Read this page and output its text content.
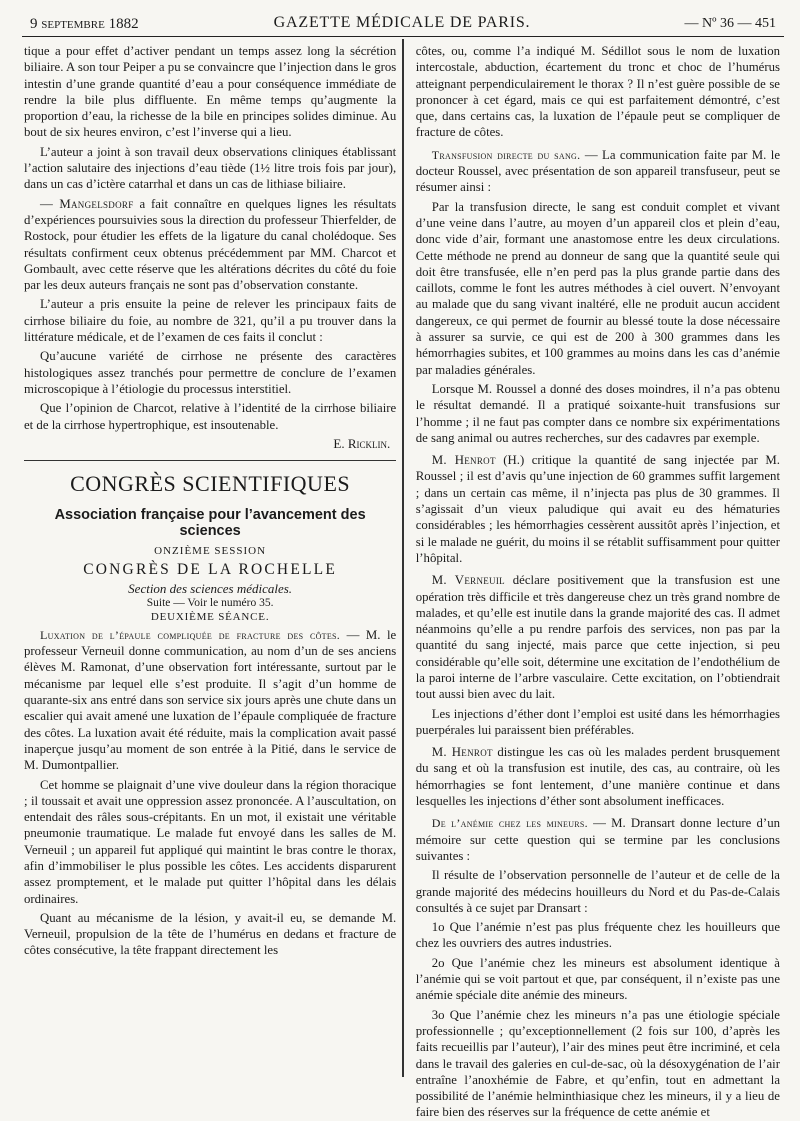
9 septembre 1882	GAZETTE MÉDICALE DE PARIS.	— Nº 36 — 451

tique a pour effet d’activer pendant un temps assez long la sécrétion biliaire. A son tour Peiper a pu se convaincre que l’injection dans le gros intestin d’une grande quantité d’eau a pour conséquence immédiate de rendre la bile plus diffluente. En même temps qu’augmente la proportion d’eau, la richesse de la bile en principes solides diminue. Au bout de six heures environ, c’est l’inverse qui a lieu.

L’auteur a joint à son travail deux observations cliniques établissant l’action salutaire des injections d’eau tiède (1½ litre trois fois par jour), dans un cas d’ictère catarrhal et dans un cas de lithiase biliaire.

— Mangelsdorf a fait connaître en quelques lignes les résultats d’expériences poursuivies sous la direction du professeur Thierfelder, de Rostock, pour étudier les effets de la ligature du canal cholédoque. Ses résultats confirment ceux obtenus précédemment par MM. Charcot et Gombault, avec cette réserve que les altérations décrites du côté du foie par les deux auteurs français ne sont pas d’observation constante.

L’auteur a pris ensuite la peine de relever les principaux faits de cirrhose biliaire du foie, au nombre de 321, qu’il a pu trouver dans la littérature médicale, et de l’examen de ces faits il conclut :

Qu’aucune variété de cirrhose ne présente des caractères histologiques assez tranchés pour permettre de conclure de l’examen microscopique à l’étiologie du processus interstitiel.

Que l’opinion de Charcot, relative à l’identité de la cirrhose biliaire et de la cirrhose hypertrophique, est insoutenable.

E. Ricklin.
CONGRÈS SCIENTIFIQUES
Association française pour l’avancement des sciences
ONZIÈME SESSION
CONGRÈS DE LA ROCHELLE
Section des sciences médicales.
Suite — Voir le numéro 35.
DEUXIÈME SÉANCE.

Luxation de l’épaule compliquée de fracture des côtes. — M. le professeur Verneuil donne communication, au nom d’un de ses anciens élèves M. Ramonat, d’une observation fort intéressante, surtout par le mécanisme par lequel elle s’est produite. Il s’agit d’un homme de quarante-six ans entré dans son service six jours après une chute dans un escalier qui avait amené une luxation de l’épaule compliquée de fracture des côtes. La luxation avait été réduite, mais la complication avait passé inaperçue jusqu’au moment de son entrée à la Pitié, dans le service de M. Dumontpallier.

Cet homme se plaignait d’une vive douleur dans la région thoracique ; il toussait et avait une oppression assez prononcée. A l’auscultation, on entendait des râles sous-crépitants. En un mot, il existait une véritable pneumonie traumatique. Le malade fut envoyé dans les salles de M. Verneuil ; un appareil fut appliqué qui maintint le bras contre le thorax, afin d’immobiliser le plus possible les côtes. Les accidents disparurent assez promptement, et le malade put quitter l’hôpital dans les délais ordinaires.

Quant au mécanisme de la lésion, y avait-il eu, se demande M. Verneuil, propulsion de la tête de l’humérus en dedans et fracture de côtes consécutive, la tête frappant directement les

côtes, ou, comme l’a indiqué M. Sédillot sous le nom de luxation intercostale, abduction, écartement du tronc et choc de l’humérus atteignant perpendiculairement le thorax ? Il n’est guère possible de se prononcer à cet égard, mais ce qui est parfaitement démontré, c’est que, dans certains cas, la luxation de l’épaule peut se compliquer de fracture de côtes.

Transfusion directe du sang. — La communication faite par M. le docteur Roussel, avec présentation de son appareil transfuseur, peut se résumer ainsi :

Par la transfusion directe, le sang est conduit complet et vivant d’une veine dans l’autre, au moyen d’un appareil clos et plein d’eau, donc vide d’air, formant une anastomose entre les deux circulations. Cette méthode ne prend au donneur de sang que la quantité seule qui doit être transfusée, elle n’en perd pas la plus grande partie dans des caillots, comme le font les autres méthodes à ciel ouvert. N’envoyant au malade que du sang vivant inaltéré, elle ne produit aucun accident dangereux, ce qui permet de fournir au blessé toute la dose nécessaire à assurer sa survie, ce qui est de 200 à 300 grammes dans les hémorrhagies subites, et 100 grammes au moins dans les cas d’anémie par maladies générales.

Lorsque M. Roussel a donné des doses moindres, il n’a pas obtenu le résultat demandé. Il a pratiqué soixante-huit transfusions sur l’homme ; il ne faut pas compter dans ce nombre six expérimentations de sang animal ou autres recherches, sur des cadavres par exemple.

M. Henrot (H.) critique la quantité de sang injectée par M. Roussel ; il est d’avis qu’une injection de 60 grammes suffit largement ; dans un certain cas même, il n’injecta pas plus de 30 grammes. Il s’agissait d’un vieux paludique qui avait eu des hématuries considérables ; les hémorrhagies cessèrent aussitôt après l’injection, et si le malade ne guérit, du moins il se rétablit suffisamment pour quitter l’hôpital.

M. Verneuil déclare positivement que la transfusion est une opération très difficile et très dangereuse chez un très grand nombre de malades, et qu’elle est inutile dans la grande majorité des cas. Il admet néanmoins qu’elle a pu rendre parfois des services, non pas par la quantité du sang injecté, mais parce que cette injection, si peu considérable qu’elle soit, détermine une excitation de l’endothélium de la paroi interne de l’arbre vasculaire. Cette excitation, on l’obtiendrait tout aussi bien avec du lait.

Les injections d’éther dont l’emploi est usité dans les hémorrhagies puerpérales lui paraissent bien préférables.

M. Henrot distingue les cas où les malades perdent brusquement du sang et où la transfusion est inutile, des cas, au contraire, où les hémorrhagies se font lentement, d’une manière continue et dans lesquelles les injections d’éther sont absolument inefficaces.

De l’anémie chez les mineurs. — M. Dransart donne lecture d’un mémoire sur cette question qui se termine par les conclusions suivantes :

Il résulte de l’observation personnelle de l’auteur et de celle de la grande majorité des médecins houilleurs du Nord et du Pas-de-Calais consultés à ce sujet par Dransart :

1o Que l’anémie n’est pas plus fréquente chez les houilleurs que chez les ouvriers des autres industries.

2o Que l’anémie chez les mineurs est absolument identique à l’anémie qui se voit partout et que, par conséquent, il n’existe pas une anémie spéciale dite anémie des mineurs.

3o Que l’anémie chez les mineurs n’a pas une étiologie spéciale professionnelle ; qu’exceptionnellement (2 fois sur 100, d’après les faits recueillis par l’auteur), l’air des mines peut être incriminé, et cela dans le travail des galeries en cul-de-sac, où la désoxygénation de l’air entraîne l’anoxhémie de Fabre, et qu’enfin, tout en admettant la possibilité de l’anémie helminthiasique chez les mineurs, il y a lieu de faire bien des réserves sur la fréquence de cette anémie et
